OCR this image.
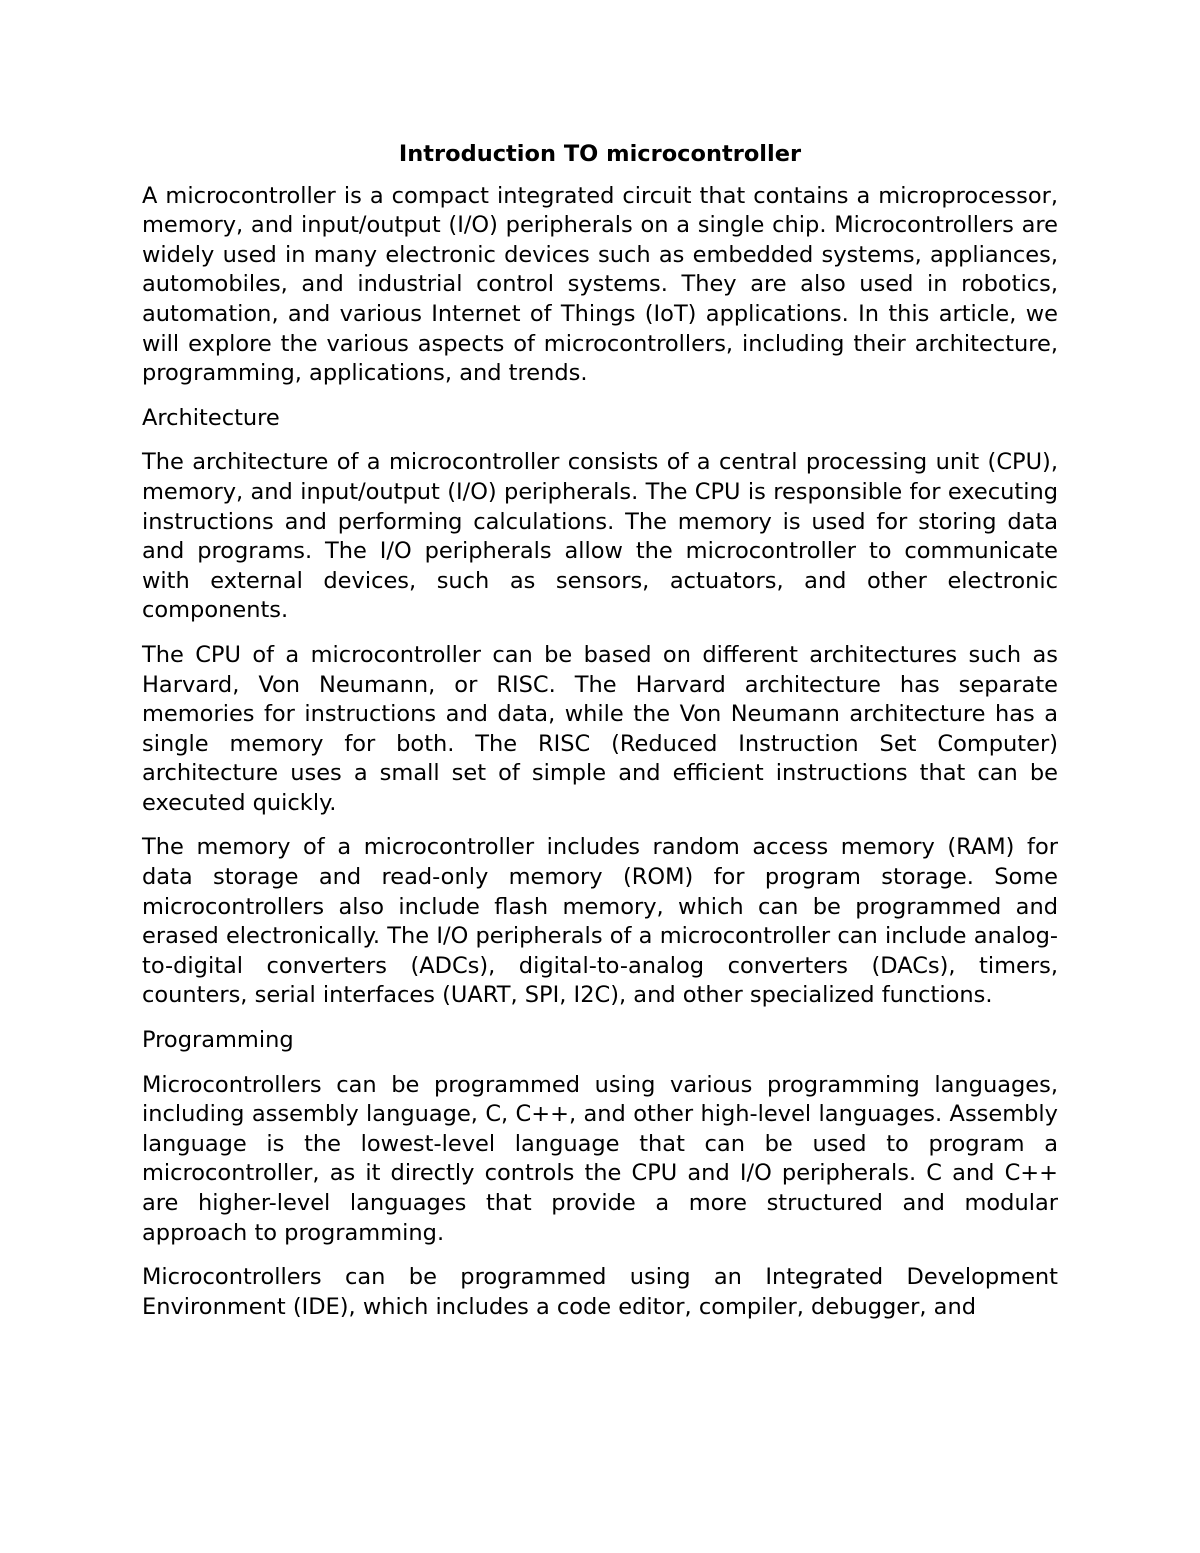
Introduction TO microcontroller

A microcontroller is a compact integrated circuit that contains a microprocessor, memory, and input/output (I/O) peripherals on a single chip. Microcontrollers are widely used in many electronic devices such as embedded systems, appliances, automobiles, and industrial control systems. They are also used in robotics, automation, and various Internet of Things (IoT) applications. In this article, we will explore the various aspects of microcontrollers, including their architecture, programming, applications, and trends.

Architecture

The architecture of a microcontroller consists of a central processing unit (CPU), memory, and input/output (I/O) peripherals. The CPU is responsible for executing instructions and performing calculations. The memory is used for storing data and programs. The I/O peripherals allow the microcontroller to communicate with external devices, such as sensors, actuators, and other electronic components.

The CPU of a microcontroller can be based on different architectures such as Harvard, Von Neumann, or RISC. The Harvard architecture has separate memories for instructions and data, while the Von Neumann architecture has a single memory for both. The RISC (Reduced Instruction Set Computer) architecture uses a small set of simple and efficient instructions that can be executed quickly.

The memory of a microcontroller includes random access memory (RAM) for data storage and read-only memory (ROM) for program storage. Some microcontrollers also include flash memory, which can be programmed and erased electronically. The I/O peripherals of a microcontroller can include analog-to-digital converters (ADCs), digital-to-analog converters (DACs), timers, counters, serial interfaces (UART, SPI, I2C), and other specialized functions.

Programming

Microcontrollers can be programmed using various programming languages, including assembly language, C, C++, and other high-level languages. Assembly language is the lowest-level language that can be used to program a microcontroller, as it directly controls the CPU and I/O peripherals. C and C++ are higher-level languages that provide a more structured and modular approach to programming.

Microcontrollers can be programmed using an Integrated Development Environment (IDE), which includes a code editor, compiler, debugger, and
